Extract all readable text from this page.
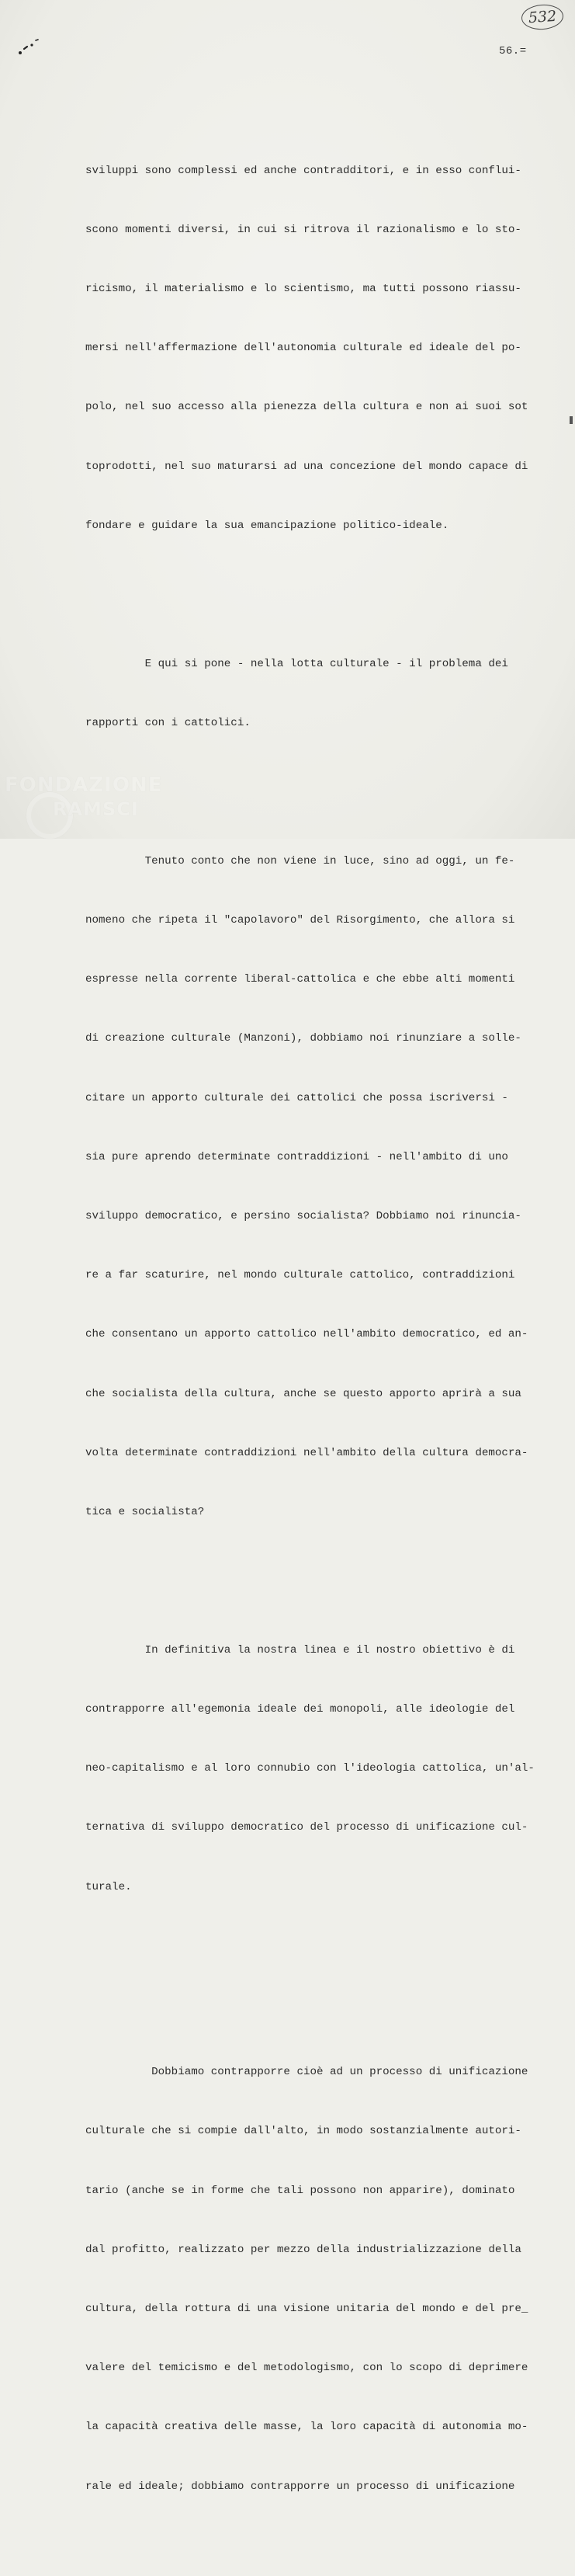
532
56.=

sviluppi sono complessi ed anche contradditori, e in esso conflui-

scono momenti diversi, in cui si ritrova il razionalismo e lo sto-

ricismo, il materialismo e lo scientismo, ma tutti possono riassu-

mersi nell'affermazione dell'autonomia culturale ed ideale del po-

polo, nel suo accesso alla pienezza della cultura e non ai suoi sot

toprodotti, nel suo maturarsi ad una concezione del mondo capace di

fondare e guidare la sua emancipazione politico-ideale.

E qui si pone - nella lotta culturale - il problema dei

rapporti con i cattolici.

Tenuto conto che non viene in luce, sino ad oggi, un fe-

nomeno che ripeta il "capolavoro" del Risorgimento, che allora si

espresse nella corrente liberal-cattolica e che ebbe alti momenti

di creazione culturale (Manzoni), dobbiamo noi rinunziare a solle-

citare un apporto culturale dei cattolici che possa iscriversi -

sia pure aprendo determinate contraddizioni - nell'ambito di uno

sviluppo democratico, e persino socialista? Dobbiamo noi rinuncia-

re a far scaturire, nel mondo culturale cattolico, contraddizioni

che consentano un apporto cattolico nell'ambito democratico, ed an-

che socialista della cultura, anche se questo apporto aprirà a sua

volta determinate contraddizioni nell'ambito della cultura democra-

tica e socialista?

In definitiva la nostra linea e il nostro obiettivo è di

contrapporre all'egemonia ideale dei monopoli, alle ideologie del

neo-capitalismo e al loro connubio con l'ideologia cattolica, un'al-

ternativa di sviluppo democratico del processo di unificazione cul-

turale.

Dobbiamo contrapporre cioè ad un processo di unificazione

culturale che si compie dall'alto, in modo sostanzialmente autori-

tario (anche se in forme che tali possono non apparire), dominato

dal profitto, realizzato per mezzo della industrializzazione della

cultura, della rottura di una visione unitaria del mondo e del pre_

valere del temicismo e del metodologismo, con lo scopo di deprimere

la capacità creativa delle masse, la loro capacità di autonomia mo-

rale ed ideale; dobbiamo contrapporre un processo di unificazione

FONDAZIONE
RAMSCI
